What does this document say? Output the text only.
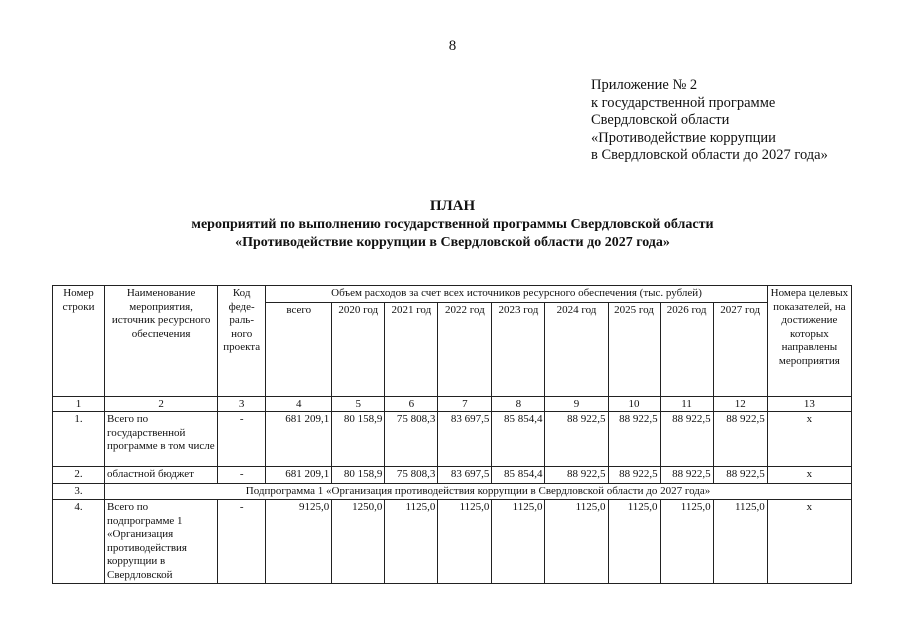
8
Приложение № 2
к государственной программе
Свердловской области
«Противодействие коррупции
в Свердловской области до 2027 года»
ПЛАН
мероприятий по выполнению государственной программы Свердловской области
«Противодействие коррупции в Свердловской области до 2027 года»
Номер строки	Наименование мероприятия, источник ресурсного обеспечения	Код феде-раль-ного проекта	Объем расходов за счет всех источников ресурсного обеспечения (тыс. рублей)									Номера целевых показателей, на достижение которых направлены мероприятия
			всего	2020 год	2021 год	2022 год	2023 год	2024 год	2025 год	2026 год	2027 год	
1	2	3	4	5	6	7	8	9	10	11	12	13
1.	Всего по государственной программе в том числе	-	681 209,1	80 158,9	75 808,3	83 697,5	85 854,4	88 922,5	88 922,5	88 922,5	88 922,5	х
2.	областной бюджет	-	681 209,1	80 158,9	75 808,3	83 697,5	85 854,4	88 922,5	88 922,5	88 922,5	88 922,5	х
3.	Подпрограмма 1 «Организация противодействия коррупции в Свердловской области до 2027 года»											
4.	Всего по подпрограмме 1 «Организация противодействия коррупции в Свердловской	-	9125,0	1250,0	1125,0	1125,0	1125,0	1125,0	1125,0	1125,0	1125,0	х
